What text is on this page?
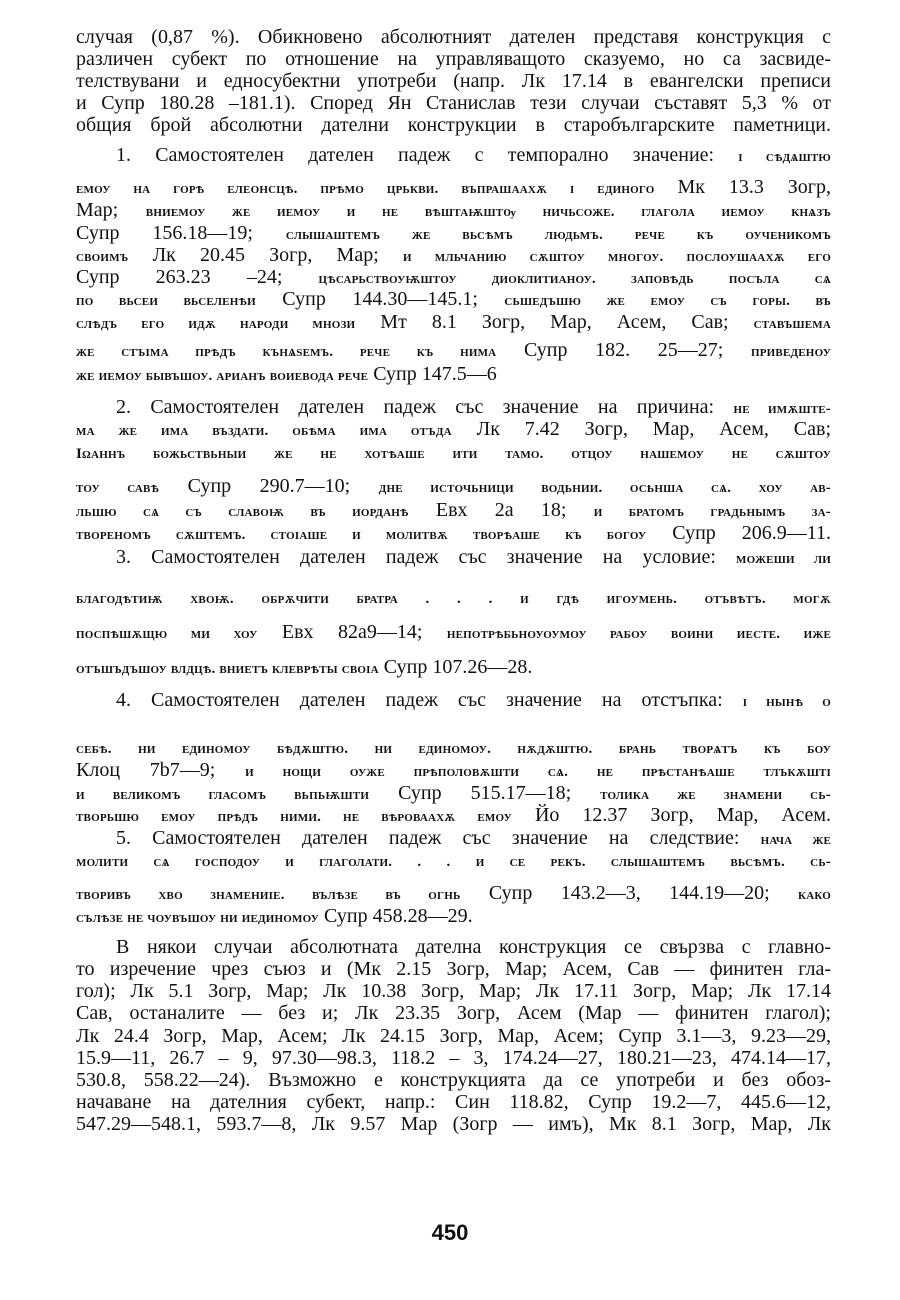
случая (0,87 %). Обикновено абсолютният дателен представя конструкция с
различен субект по отношение на управляващото сказуемо, но са засвиде-
телствувани и едносубектни употреби (напр. Лк 17.14 в евангелски преписи
и Супр 180.28 –181.1). Според Ян Станислав тези случаи съставят 5,3 % от
общия брой абсолютни дателни конструкции в старобългарските паметници.
1. Самостоятелен дателен падеж с темпорално значение: і сѣдѧштю
емоу на горѣ елеонсцѣ. прѣмо црькви. въпрашаахѫ і единого Мк 13.3 Зогр,
Мар; вниемоу же иемоу и не вѣштаѭштѹ ничьсоже. глагола иемоу кнѧзъ
Супр 156.18—19; слышаштемъ же вьсѣмъ людьмъ. рече къ оученикомъ
своимъ Лк 20.45 Зогр, Мар; и мльчанию сѫштоу многоу. послоушаахѫ его
Супр 263.23 –24; цѣсарьствоуѭштоу диоклитианоу. заповѣдь посъла сѧ
по вьсеи вьселенѣи Супр 144.30—145.1; сьшедъшю же емоу съ горы. въ
слѣдъ его идѫ народи мнози Мт 8.1 Зогр, Мар, Асем, Сав; ставъшема
же стъıма прѣдъ кънѧѕемъ. рече къ нима Супр 182. 25—27; приведеноу
же иемоу бывъшоу. арианъ воиевода рече Супр 147.5—6
2. Самостоятелен дателен падеж със значение на причина: не имѫште-
ма же има въздати. обѣма има отъда Лк 7.42 Зогр, Мар, Асем, Сав;
Іωаннъ божьствьныи же не хотѣаше ити тамо. отцоу нашемоу не сѫштоу
тоу савѣ Супр 290.7—10; дне источьници водьнии. осҍнша сѧ. хоу ав-
льшю сѧ съ славоѭ въ иорданѣ Евх 2а 18; и братомъ градьнымъ за-
твореномъ сѫштемъ. стоıаше и молитвѫ творѣаше къ богоу Супр 206.9—11.
3. Самостоятелен дателен падеж със значение на условие: можеши ли
благодѣтиѭ хвоѭ. обрѫчити братра . . . и гдѣ игоумень. отъвѣтъ. могѫ
поспѣшѫщю ми хоу Евх 82а9—14; непотрѣбьноуоумоу рабоу воини иесте. иже
отъшъдъшоу влдцѣ. вниетъ клеврѣты своıа Супр 107.26—28.
4. Самостоятелен дателен падеж със значение на отстъпка: і нынѣ о
себѣ. ни единомоу бѣдѫштю. ни единомоу. нѫдѫштю. брань творѧтъ къ боу
Клоц 7b7—9; и нощи оуже прѣполовѫшти сѧ. не прѣстанѣаше тлъкѫшті
и великомъ гласомъ вьпьѭшти Супр 515.17—18; толика же знамени сь-
творьшю емоу прѣдъ ними. не вѣроваахѫ емоу Йо 12.37 Зогр, Мар, Асем.
5. Самостоятелен дателен падеж със значение на следствие: нача же
молити сѧ господоу и глаголати. . . и се рекъ. слышаштемъ вьсѣмъ. сь-
творивъ хво знамениіе. вълѣзе въ огнь Супр 143.2—3, 144.19—20; како
сълѣзе не чоувъшоу ни иединомоу Супр 458.28—29.
В някои случаи абсолютната дателна конструкция се свързва с главно-
то изречение чрез съюз и (Мк 2.15 Зогр, Мар; Асем, Сав — финитен гла-
гол); Лк 5.1 Зогр, Мар; Лк 10.38 Зогр, Мар; Лк 17.11 Зогр, Мар; Лк 17.14
Сав, останалите — без и; Лк 23.35 Зогр, Асем (Мар — финитен глагол);
Лк 24.4 Зогр, Мар, Асем; Лк 24.15 Зогр, Мар, Асем; Супр 3.1—3, 9.23—29,
15.9—11, 26.7 – 9, 97.30—98.3, 118.2 – 3, 174.24—27, 180.21—23, 474.14—17,
530.8, 558.22—24). Възможно е конструкцията да се употреби и без обоз-
начаване на дателния субект, напр.: Син 118.82, Супр 19.2—7, 445.6—12,
547.29—548.1, 593.7—8, Лк 9.57 Мар (Зогр — имъ), Мк 8.1 Зогр, Мар, Лк
450
